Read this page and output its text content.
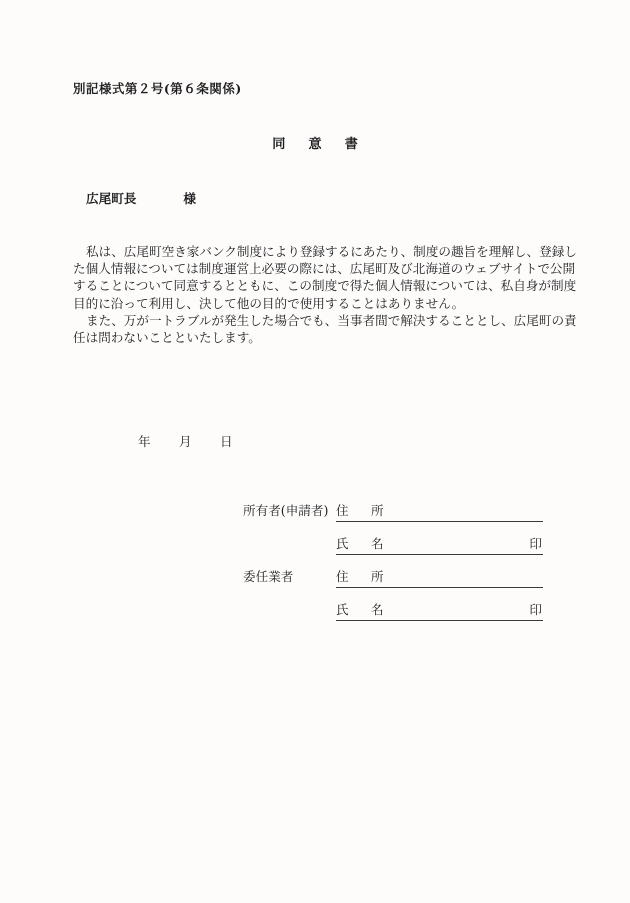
別記様式第２号(第６条関係)
同意書
広尾町長	様
私は、広尾町空き家バンク制度により登録するにあたり、制度の趣旨を理解し、登録し
た個人情報については制度運営上必要の際には、広尾町及び北海道のウェブサイトで公開
することについて同意するとともに、この制度で得た個人情報については、私自身が制度
目的に沿って利用し、決して他の目的で使用することはありません。
また、万が一トラブルが発生した場合でも、当事者間で解決することとし、広尾町の責
任は問わないことといたします。
年 月 日
所有者(申請者) 住 所
氏 名	印
委任業者	住 所
氏 名	印
